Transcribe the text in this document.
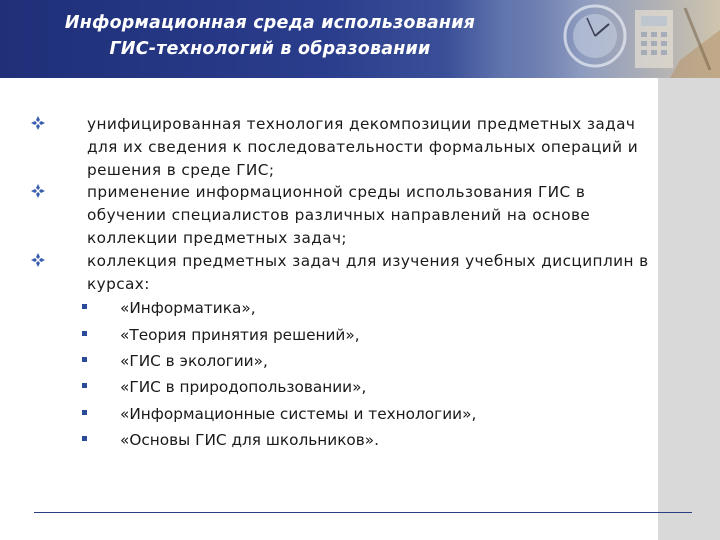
Информационная среда использования
ГИС-технологий в образовании
унифицированная технология декомпозиции предметных задач для их сведения к последовательности формальных операций и решения в среде ГИС;
применение информационной среды использования ГИС в обучении специалистов различных направлений на основе коллекции предметных задач;
коллекция предметных задач для изучения учебных дисциплин в курсах:
«Информатика»,
«Теория принятия решений»,
«ГИС в экологии»,
«ГИС в природопользовании»,
«Информационные системы и технологии»,
«Основы ГИС для школьников».
